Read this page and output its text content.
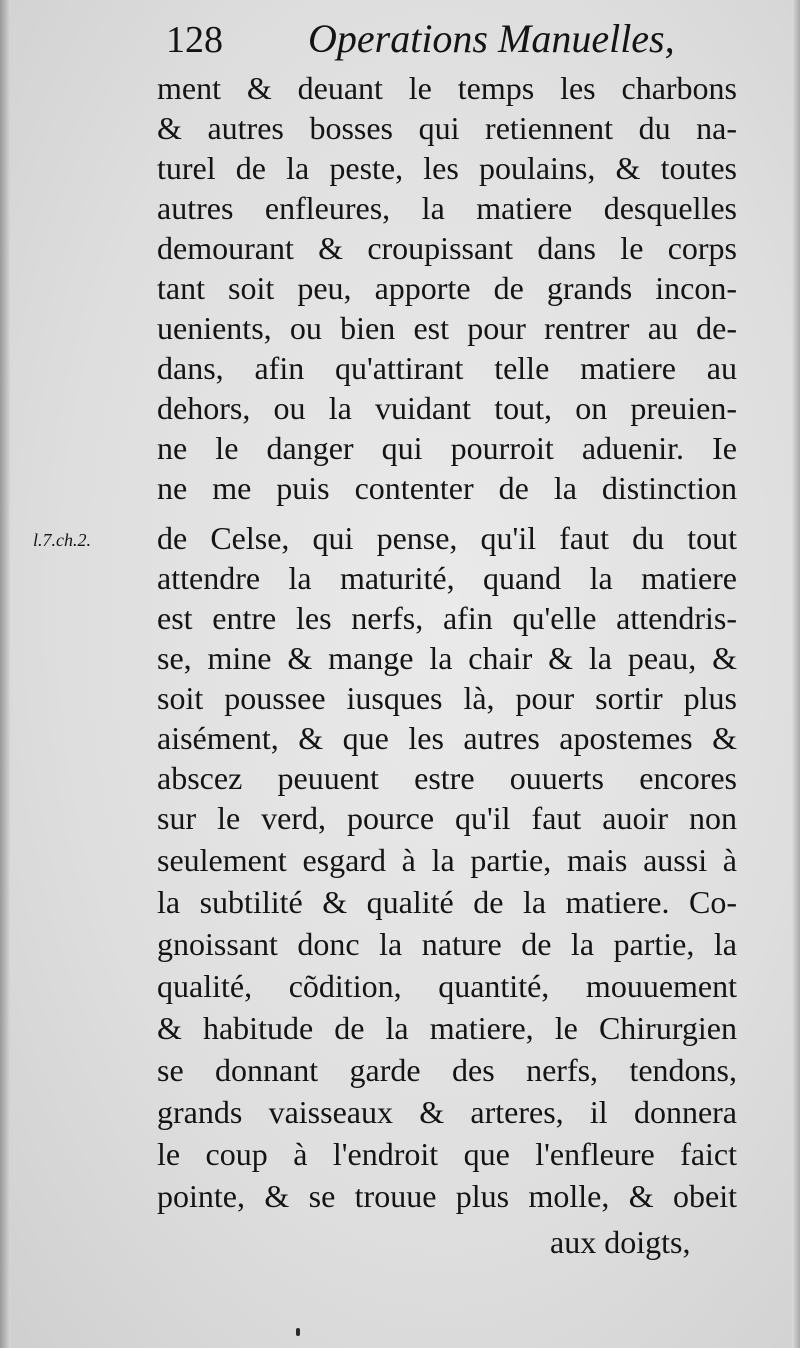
128 Operations Manuelles,
l.7.ch.2.
ment & deuant le temps les charbons
& autres bosses qui retiennent du na-
turel de la peste, les poulains, & toutes
autres enfleures, la matiere desquelles
demourant & croupissant dans le corps
tant soit peu, apporte de grands incon-
uenients, ou bien est pour rentrer au de-
dans, afin qu'attirant telle matiere au
dehors, ou la vuidant tout, on preuien-
ne le danger qui pourroit aduenir. Ie
ne me puis contenter de la distinction
de Celse, qui pense, qu'il faut du tout
attendre la maturité, quand la matiere
est entre les nerfs, afin qu'elle attendris-
se, mine & mange la chair & la peau, &
soit poussee iusques là, pour sortir plus
aisément, & que les autres apostemes &
abscez peuuent estre ouuerts encores
sur le verd, pource qu'il faut auoir non
seulement esgard à la partie, mais aussi à
la subtilité & qualité de la matiere. Co-
gnoissant donc la nature de la partie, la
qualité, cõdition, quantité, mouuement
& habitude de la matiere, le Chirurgien
se donnant garde des nerfs, tendons,
grands vaisseaux & arteres, il donnera
le coup à l'endroit que l'enfleure faict
pointe, & se trouue plus molle, & obeit
aux doigts,
